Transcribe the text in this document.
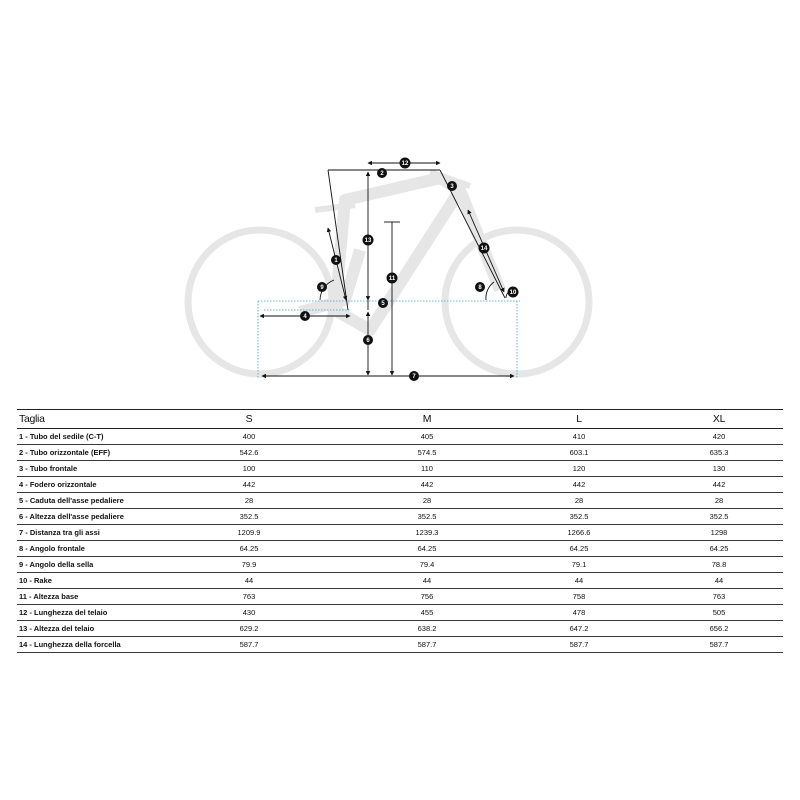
1
2
3
4
5
6
7
8
9
10
11
12
13
14
Taglia	S	M	L	XL
1 - Tubo del sedile (C-T)	400	405	410	420
2 - Tubo orizzontale (EFF)	542.6	574.5	603.1	635.3
3 - Tubo frontale	100	110	120	130
4 - Fodero orizzontale	442	442	442	442
5 - Caduta dell'asse pedaliere	28	28	28	28
6 - Altezza dell'asse pedaliere	352.5	352.5	352.5	352.5
7 - Distanza tra gli assi	1209.9	1239.3	1266.6	1298
8 - Angolo frontale	64.25	64.25	64.25	64.25
9 - Angolo della sella	79.9	79.4	79.1	78.8
10 - Rake	44	44	44	44
11 - Altezza base	763	756	758	763
12 - Lunghezza del telaio	430	455	478	505
13 - Altezza del telaio	629.2	638.2	647.2	656.2
14 - Lunghezza della forcella	587.7	587.7	587.7	587.7
